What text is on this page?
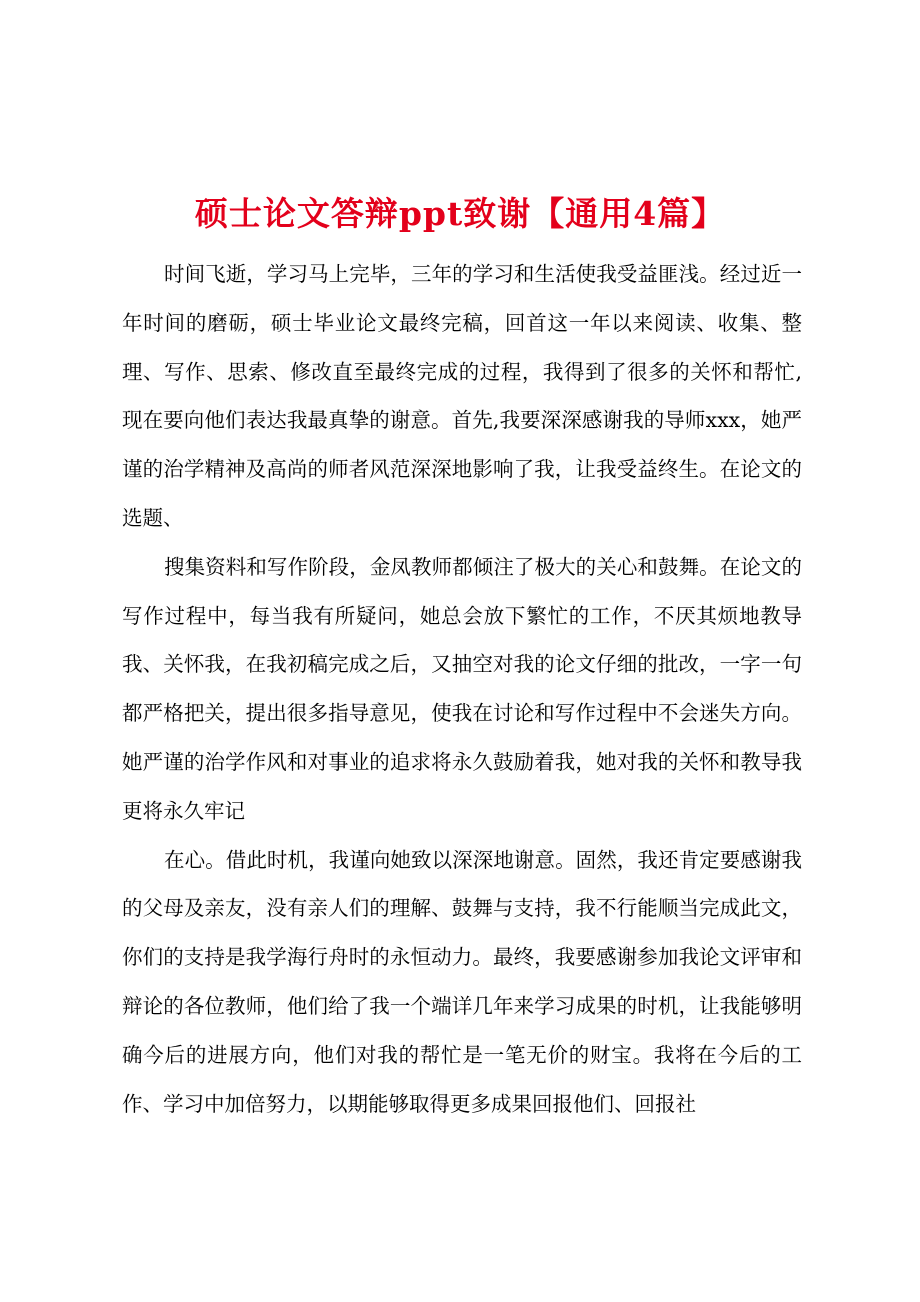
硕士论文答辩ppt致谢【通用4篇】

时间飞逝，学习马上完毕，三年的学习和生活使我受益匪浅。经过近一年时间的磨砺，硕士毕业论文最终完稿，回首这一年以来阅读、收集、整理、写作、思索、修改直至最终完成的过程，我得到了很多的关怀和帮忙,现在要向他们表达我最真挚的谢意。首先,我要深深感谢我的导师xxx，她严谨的治学精神及高尚的师者风范深深地影响了我，让我受益终生。在论文的选题、

搜集资料和写作阶段，金凤教师都倾注了极大的关心和鼓舞。在论文的写作过程中，每当我有所疑问，她总会放下繁忙的工作，不厌其烦地教导我、关怀我，在我初稿完成之后，又抽空对我的论文仔细的批改，一字一句都严格把关，提出很多指导意见，使我在讨论和写作过程中不会迷失方向。她严谨的治学作风和对事业的追求将永久鼓励着我，她对我的关怀和教导我更将永久牢记

在心。借此时机，我谨向她致以深深地谢意。固然，我还肯定要感谢我的父母及亲友，没有亲人们的理解、鼓舞与支持，我不行能顺当完成此文，你们的支持是我学海行舟时的永恒动力。最终，我要感谢参加我论文评审和辩论的各位教师，他们给了我一个端详几年来学习成果的时机，让我能够明确今后的进展方向，他们对我的帮忙是一笔无价的财宝。我将在今后的工作、学习中加倍努力，以期能够取得更多成果回报他们、回报社
